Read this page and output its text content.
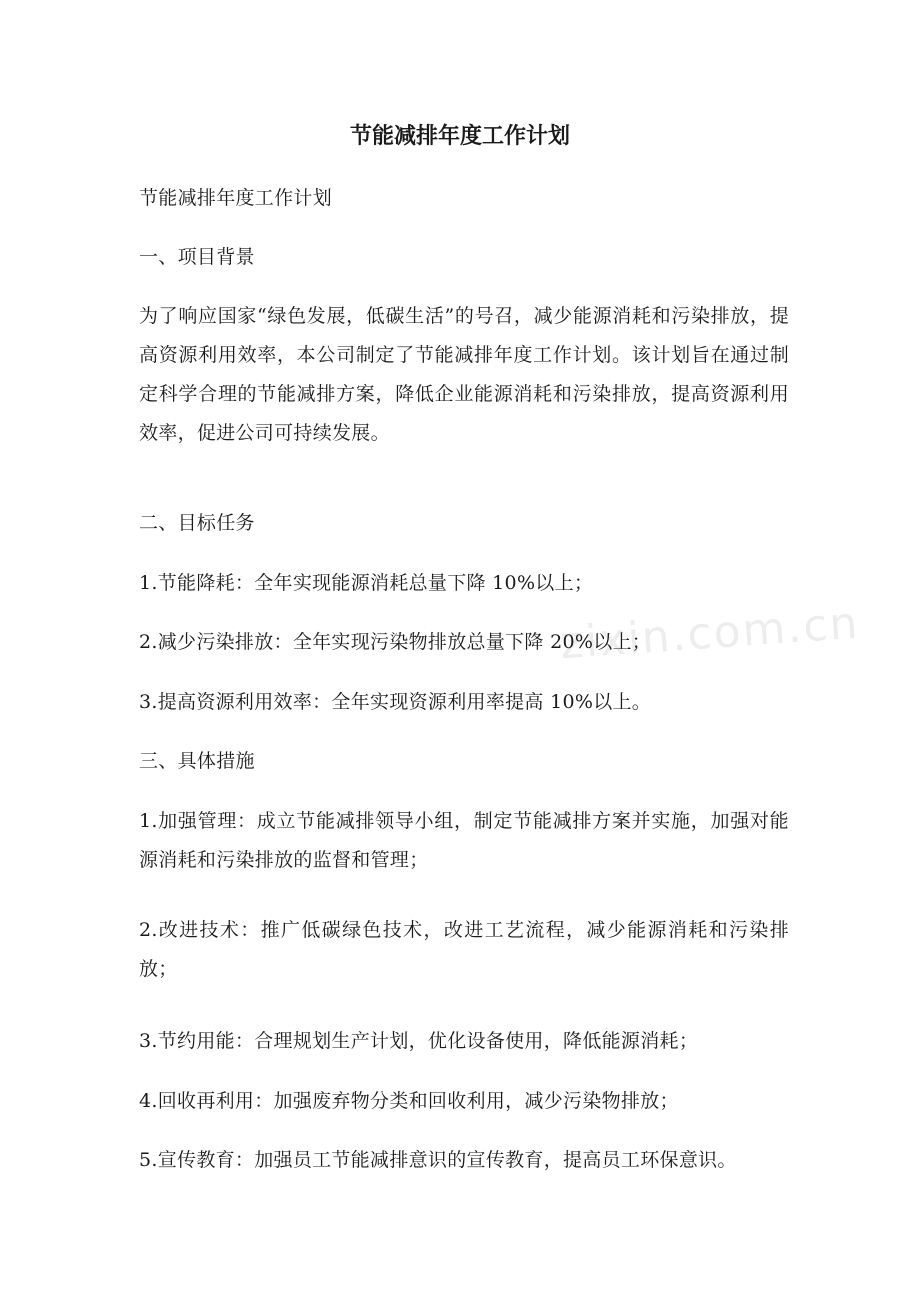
zixin.com.cn
节能减排年度工作计划

节能减排年度工作计划

一、项目背景

为了响应国家“绿色发展，低碳生活”的号召，减少能源消耗和污染排放，提高资源利用效率，本公司制定了节能减排年度工作计划。该计划旨在通过制定科学合理的节能减排方案，降低企业能源消耗和污染排放，提高资源利用效率，促进公司可持续发展。

二、目标任务

1.节能降耗：全年实现能源消耗总量下降 10%以上；

2.减少污染排放：全年实现污染物排放总量下降 20%以上；

3.提高资源利用效率：全年实现资源利用率提高 10%以上。

三、具体措施

1.加强管理：成立节能减排领导小组，制定节能减排方案并实施，加强对能源消耗和污染排放的监督和管理；

2.改进技术：推广低碳绿色技术，改进工艺流程，减少能源消耗和污染排放；

3.节约用能：合理规划生产计划，优化设备使用，降低能源消耗；

4.回收再利用：加强废弃物分类和回收利用，减少污染物排放；

5.宣传教育：加强员工节能减排意识的宣传教育，提高员工环保意识。
